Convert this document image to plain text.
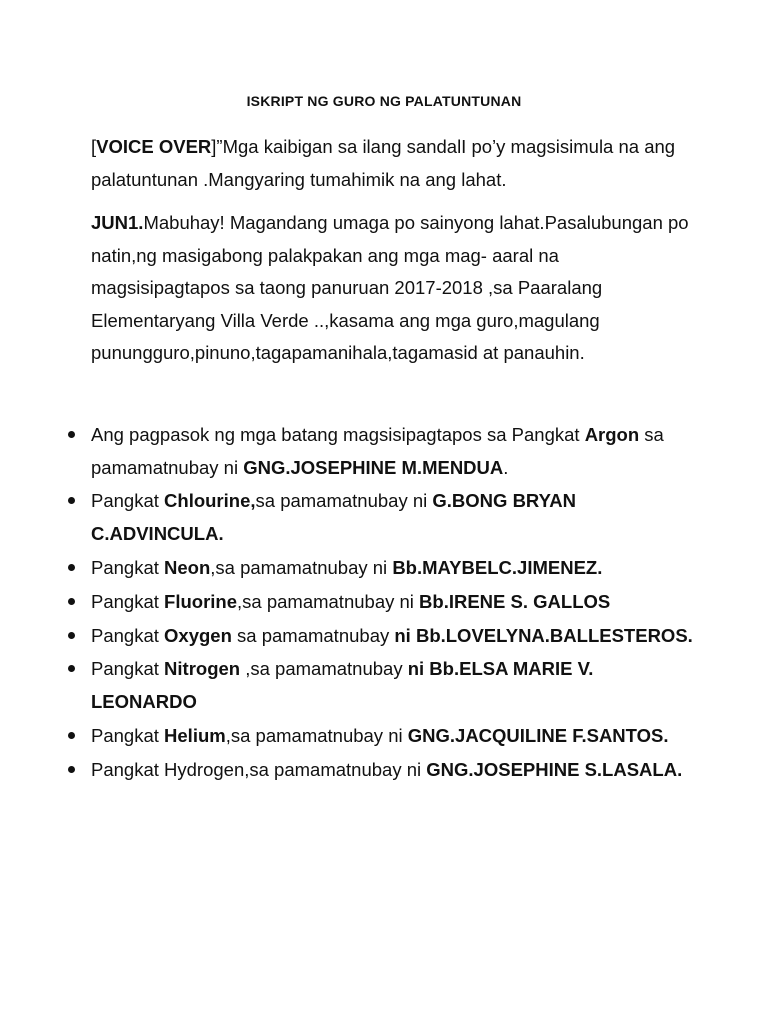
ISKRIPT NG GURO NG PALATUNTUNAN
[VOICE OVER]”Mga kaibigan sa ilang sandalI po’y magsisimula na ang palatuntunan .Mangyaring tumahimik na ang lahat.
JUN1.Mabuhay! Magandang umaga po sainyong lahat.Pasalubungan po natin,ng masigabong palakpakan ang mga mag- aaral na magsisipagtapos sa taong panuruan 2017-2018 ,sa Paaralang Elementaryang Villa Verde ..,kasama ang mga guro,magulang punungguro,pinuno,tagapamanihala,tagamasid at panauhin.
Ang pagpasok ng mga batang magsisipagtapos sa Pangkat Argon sa pamamatnubay ni GNG.JOSEPHINE M.MENDUA.
Pangkat Chlourine,sa pamamatnubay ni G.BONG BRYAN C.ADVINCULA.
Pangkat Neon,sa pamamatnubay ni Bb.MAYBELC.JIMENEZ.
Pangkat Fluorine,sa pamamatnubay ni Bb.IRENE S. GALLOS
Pangkat Oxygen sa pamamatnubay ni Bb.LOVELYNA.BALLESTEROS.
Pangkat Nitrogen ,sa pamamatnubay ni Bb.ELSA MARIE V. LEONARDO
Pangkat Helium,sa pamamatnubay ni GNG.JACQUILINE F.SANTOS.
Pangkat Hydrogen,sa pamamatnubay ni GNG.JOSEPHINE S.LASALA.
